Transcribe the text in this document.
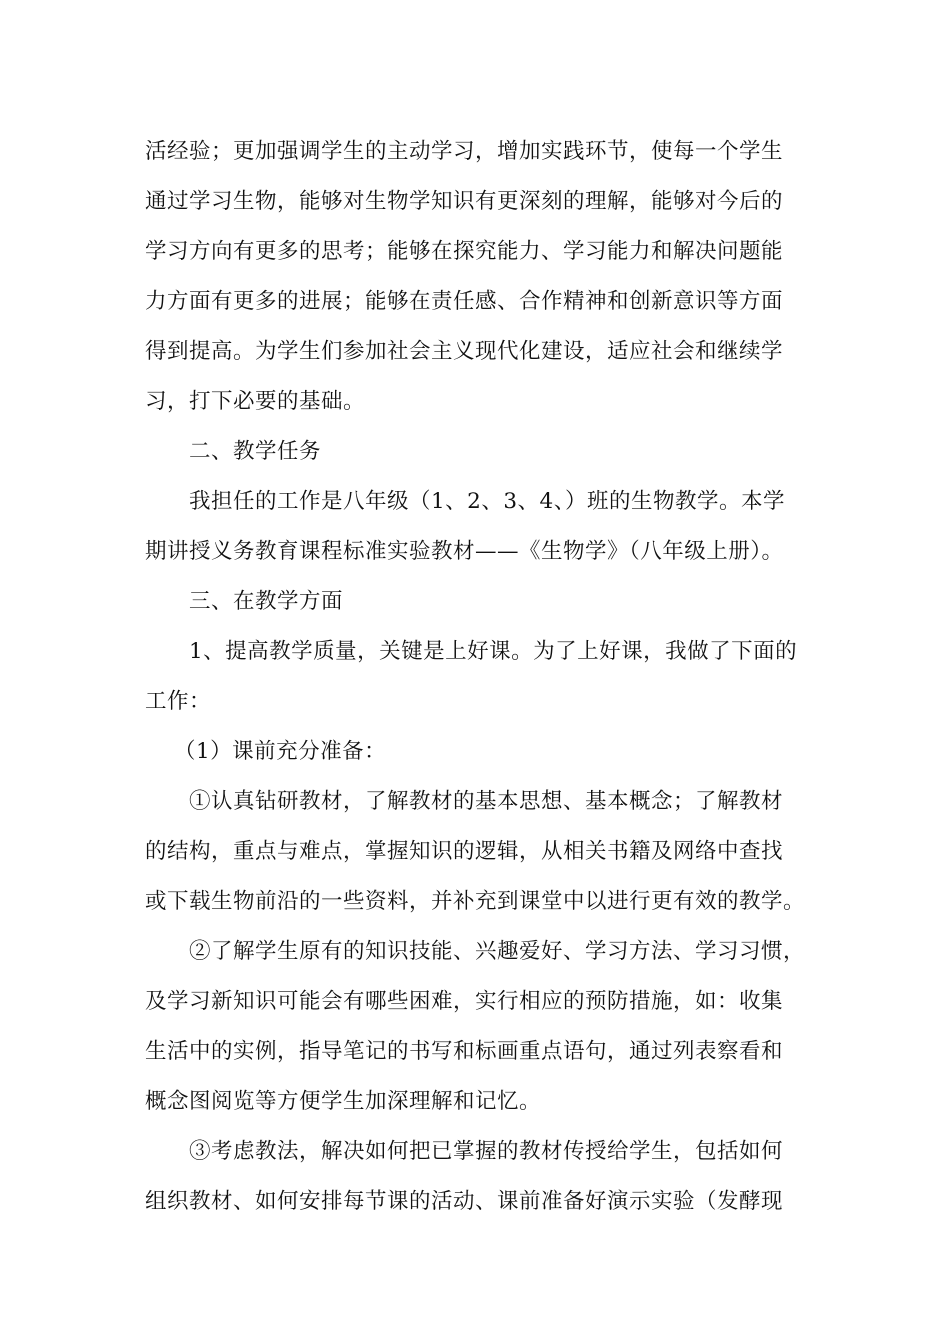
活经验；更加强调学生的主动学习，增加实践环节，使每一个学生
通过学习生物，能够对生物学知识有更深刻的理解，能够对今后的
学习方向有更多的思考；能够在探究能力、学习能力和解决问题能
力方面有更多的进展；能够在责任感、合作精神和创新意识等方面
得到提高。为学生们参加社会主义现代化建设，适应社会和继续学
习，打下必要的基础。
二、教学任务
我担任的工作是八年级（1、2、3、4、）班的生物教学。本学
期讲授义务教育课程标准实验教材——《生物学》（八年级上册）。
三、在教学方面
1、提高教学质量，关键是上好课。为了上好课，我做了下面的
工作：
（1）课前充分准备：
①认真钻研教材，了解教材的基本思想、基本概念；了解教材
的结构，重点与难点，掌握知识的逻辑，从相关书籍及网络中查找
或下载生物前沿的一些资料，并补充到课堂中以进行更有效的教学。
②了解学生原有的知识技能、兴趣爱好、学习方法、学习习惯，
及学习新知识可能会有哪些困难，实行相应的预防措施，如：收集
生活中的实例，指导笔记的书写和标画重点语句，通过列表察看和
概念图阅览等方便学生加深理解和记忆。
③考虑教法，解决如何把已掌握的教材传授给学生，包括如何
组织教材、如何安排每节课的活动、课前准备好演示实验（发酵现
